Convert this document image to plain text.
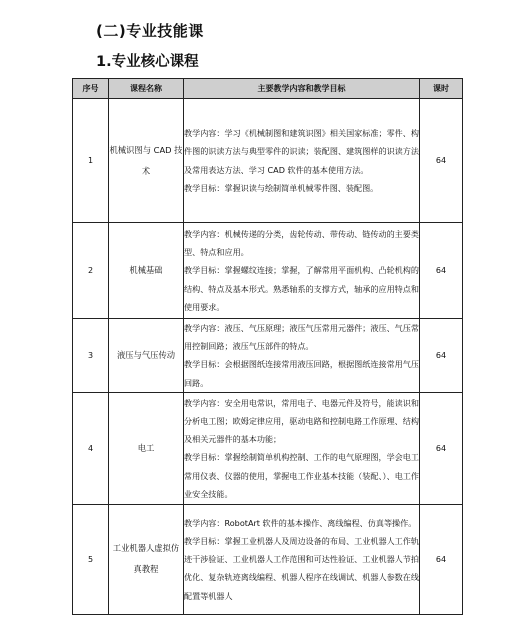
(二)专业技能课
1.专业核心课程
序号	课程名称	主要教学内容和教学目标	课时
1	机械识图与 CAD 技术	教学内容：学习《机械制图和建筑识图》相关国家标准；零件、构件图的识读方法与典型零件的识读；装配图、建筑图样的识读方法及常用表达方法、学习 CAD 软件的基本使用方法。

教学目标：掌握识读与绘制简单机械零件图、装配图。	64
2	机械基础	教学内容：机械传递的分类，齿轮传动、带传动、链传动的主要类型、特点和应用。

教学目标：掌握螺纹连接；掌握，了解常用平面机构、凸轮机构的结构、特点及基本形式。熟悉轴系的支撑方式，轴承的应用特点和使用要求。	64
3	液压与气压传动	教学内容：液压、气压原理；液压气压常用元器件；液压、气压常用控制回路；液压气压部件的特点。

教学目标：会根据图纸连接常用液压回路，根据图纸连接常用气压回路。	64
4	电工	教学内容：安全用电常识，常用电子、电器元件及符号，能读识和分析电工图；欧姆定律应用，驱动电路和控制电路工作原理、结构及相关元器件的基本功能；

教学目标：掌握绘制简单机构控制、工作的电气原理图，学会电工常用仪表、仪器的使用，掌握电工作业基本技能（装配、）、电工作业安全技能。	64
5	工业机器人虚拟仿真教程	教学内容：RobotArt 软件的基本操作、离线编程、仿真等操作。

教学目标：掌握工业机器人及周边设备的布局、工业机器人工作轨迹干涉验证、工业机器人工作范围和可达性验证、工业机器人节拍优化、复杂轨迹离线编程、机器人程序在线调试、机器人参数在线配置等机器人	64
